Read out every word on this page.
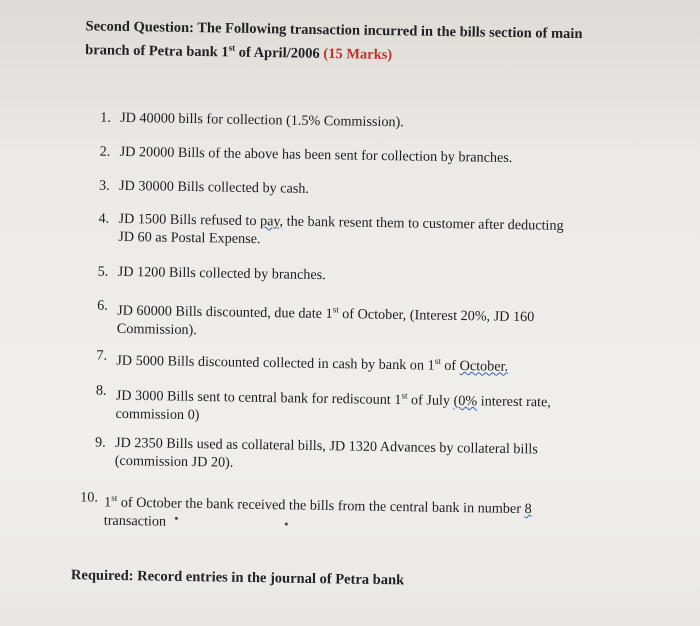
Second Question: The Following transaction incurred in the bills section of main
branch of Petra bank 1st of April/2006 (15 Marks)
1. JD 40000 bills for collection (1.5% Commission).
2. JD 20000 Bills of the above has been sent for collection by branches.
3. JD 30000 Bills collected by cash.
4. JD 1500 Bills refused to pay, the bank resent them to customer after deducting
JD 60 as Postal Expense.
5. JD 1200 Bills collected by branches.
6. JD 60000 Bills discounted, due date 1st of October, (Interest 20%, JD 160
Commission).
7. JD 5000 Bills discounted collected in cash by bank on 1st of October.
8. JD 3000 Bills sent to central bank for rediscount 1st of July (0% interest rate,
commission 0)
9. JD 2350 Bills used as collateral bills, JD 1320 Advances by collateral bills
(commission JD 20).
10. 1st of October the bank received the bills from the central bank in number 8
transaction
Required: Record entries in the journal of Petra bank
